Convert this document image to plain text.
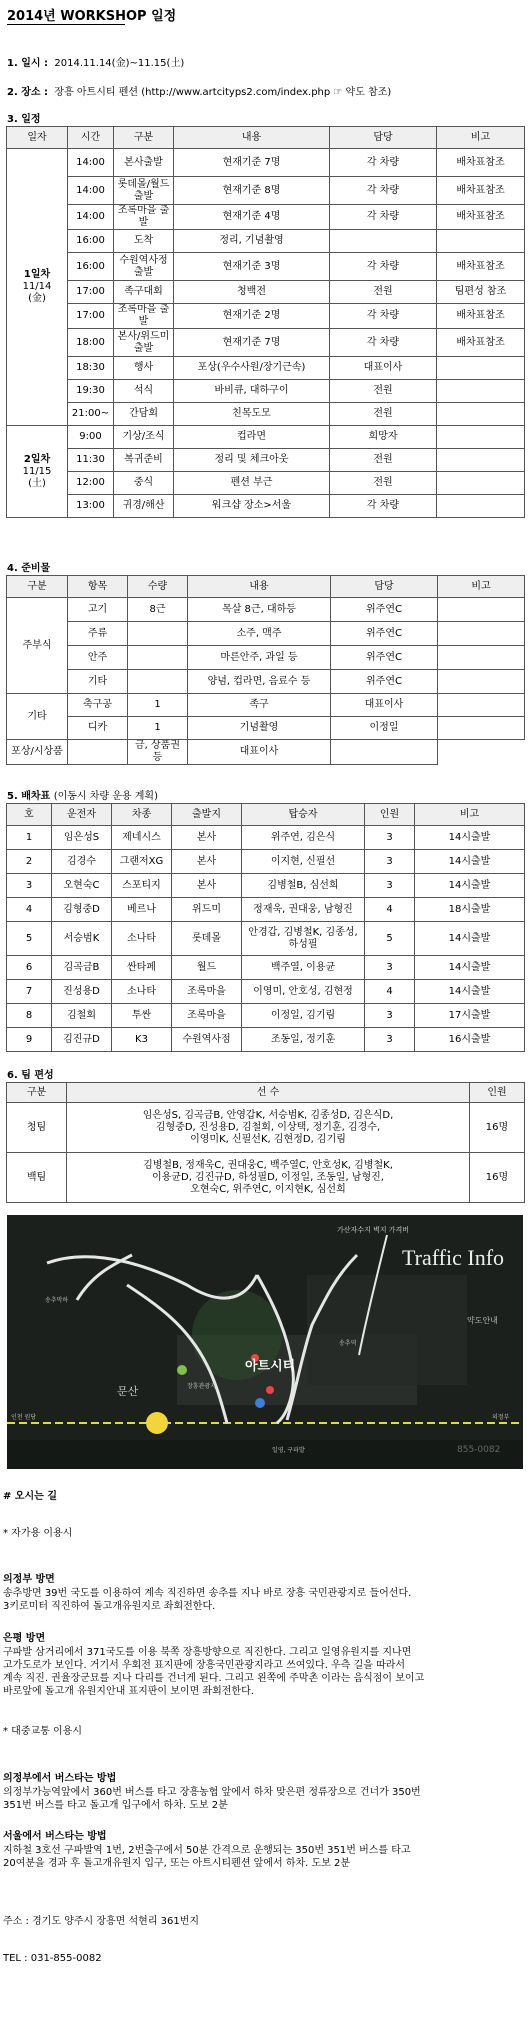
2014년 WORKSHOP 일정
1. 일시 : 2014.11.14(金)~11.15(土)
2. 장소 : 장흥 아트시티 펜션 (http://www.artcityps2.com/index.php ☞ 약도 참조)
3. 일정
일자	시간	구분	내용	담당	비고

1일차
11/14
(金)	14:00	본사출발	현재기준 7명	각 차량	배차표참조
	14:00	롯데몰/월드출발	현재기준 8명	각 차량	배차표참조
	14:00	조록마을 출발	현재기준 4명	각 차량	배차표참조
	16:00	도착	정리, 기념촬영		
	16:00	수원역사정 출발	현재기준 3명	각 차량	배차표참조
	17:00	족구대회	청백전	전원	팀편성 참조
	17:00	조록마을 출발	현재기준 2명	각 차량	배차표참조
	18:00	본사/위드미출발	현재기준 7명	각 차량	배차표참조
	18:30	행사	포상(우수사원/장기근속)	대표이사	
	19:30	석식	바비큐, 대하구이	전원	
	21:00~	간담회	친목도모	전원	

2일차
11/15
(土)	9:00	기상/조식	컵라면	희망자	
	11:30	복귀준비	정리 및 체크아웃	전원	
	12:00	중식	펜션 부근	전원	
	13:00	귀경/해산	워크샵 장소>서울	각 차량	
4. 준비물
구분	항목	수량	내용	담당	비고
주부식	고기	8근	목살 8근, 대하등	위주연C	
	주류		소주, 맥주	위주연C	
	안주		마른안주, 과일 등	위주연C	
	기타		양념, 컵라면, 음료수 등	위주연C	
기타	축구공	1	족구	대표이사	
	디카	1	기념촬영	이정일	
포상/시상품		금, 상품권 등	대표이사		
5. 배차표 (이동시 차량 운용 계획)
호	운전자	차종	출발지	탑승자	인원	비고
1	임은성S	제네시스	본사	위주연, 김은식	3	14시출발
2	김경수	그랜저XG	본사	이지현, 신필선	3	14시출발
3	오현숙C	스포티지	본사	김병철B, 심선희	3	14시출발
4	김형중D	베르나	위드미	정재욱, 권대웅, 남형진	4	18시출발
5	서승범K	소나타	롯데몰	안경갑, 김병철K, 김종성, 하성필	5	14시출발
6	김곡금B	싼타페	월드	백주열, 이용균	3	14시출발
7	진성용D	소나타	조록마을	이영미, 안호성, 김현정	4	14시출발
8	김철회	투싼	조록마을	이정일, 김기림	3	17시출발
9	김진규D	K3	수원역사점	조동일, 정기훈	3	16시출발
6. 팀 편성
구분	선 수	인원
청팀	임은성S, 김곡금B, 안영갑K, 서승범K, 김종성D, 김은식D,
김형중D, 진성용D, 김철회, 이상택, 정기훈, 김경수,
이영미K, 신필선K, 김현정D, 김기림	16명
백팀	김병철B, 정재욱C, 권대웅C, 백주열C, 안호성K, 김병철K,
이용균D, 김진규D, 하성필D, 이정일, 조동일, 남형진,
오현숙C, 위주연C, 이지현K, 심선희	16명
가산자수지 벽지 가격버
Traffic Info
약도안내
아트시티
문산
855-0082
송추막하
인천 원당	의정부
일영, 구파발
송추역
장흥관광지
# 오시는 길
* 자가용 이용시
의정부 방면
송추방면 39번 국도를 이용하여 계속 직진하면 송추를 지나 바로 장흥 국민관광지로 들어선다.
3키로미터 직진하여 돌고개유원지로 좌회전한다.
은평 방면
구파발 삼거리에서 371국도를 이용 북쪽 장흥방향으로 직진한다. 그리고 일영유원지를 지나면
고가도로가 보인다. 거기서 우회전 표지판에 장흥국민관광지라고 쓰여있다. 우측 길을 따라서
계속 직진. 권율장군묘를 지나 다리를 건너게 된다. 그리고 왼쪽에 주막촌 이라는 음식점이 보이고
바로앞에 돌고개 유원지안내 표지판이 보이면 좌회전한다.
* 대중교통 이용시
의정부에서 버스타는 방법
의정부가능역앞에서 360번 버스를 타고 장흥농협 앞에서 하차 맞은편 정류장으로 건너가 350번
351번 버스를 타고 돌고개 입구에서 하차. 도보 2분
서울에서 버스타는 방법
지하철 3호선 구파발역 1번, 2번출구에서 50분 간격으로 운행되는 350번 351번 버스를 타고
20여분을 경과 후 돌고개유원지 입구, 또는 아트시티펜션 앞에서 하차. 도보 2분
주소 : 경기도 양주시 장흥면 석현리 361번지
TEL : 031-855-0082
